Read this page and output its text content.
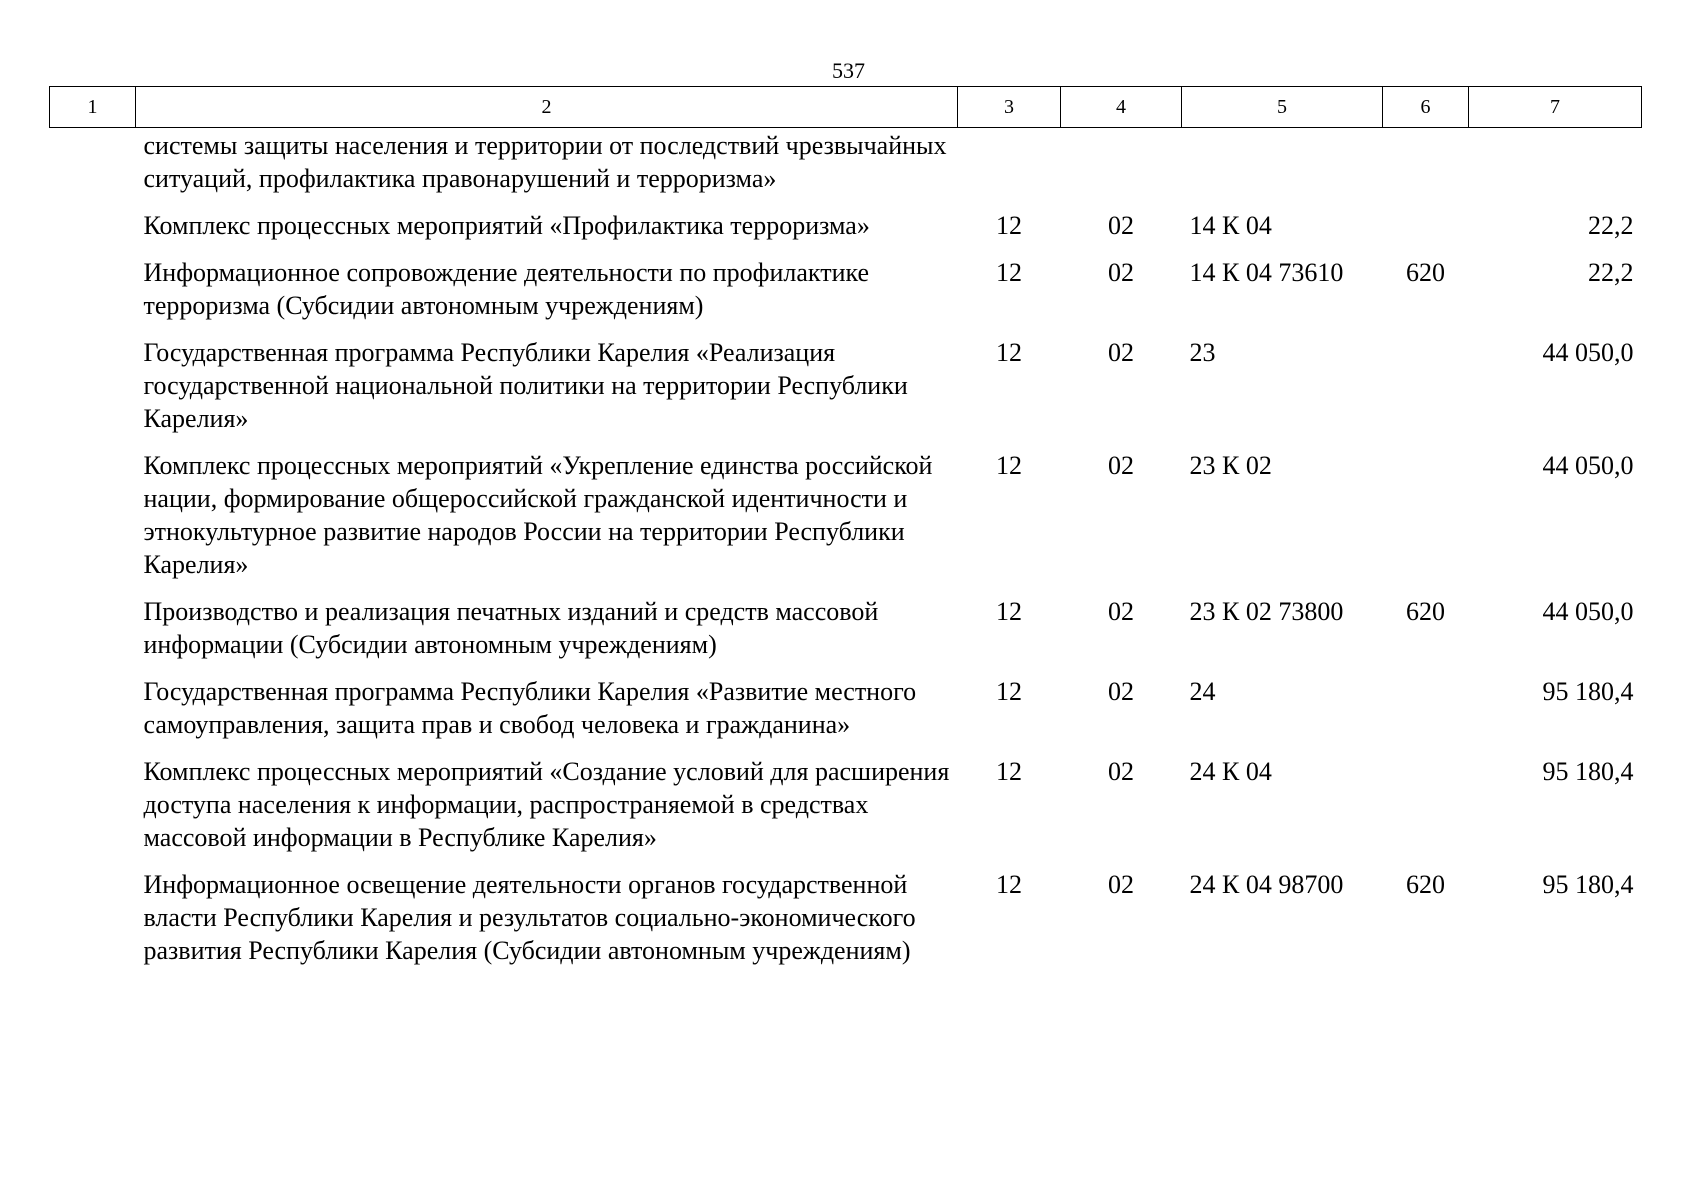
537
1	2	3	4	5	6	7
	системы защиты населения и территории от последствий чрезвычайных ситуаций, профилактика правонарушений и терроризма»					
	Комплекс процессных мероприятий «Профилактика терроризма»	12	02	14 К 04		22,2
	Информационное сопровождение деятельности по профилактике терроризма (Субсидии автономным учреждениям)	12	02	14 К 04 73610	620	22,2
	Государственная программа Республики Карелия «Реализация государственной национальной политики на территории Республики Карелия»	12	02	23		44 050,0
	Комплекс процессных мероприятий «Укрепление единства российской нации, формирование общероссийской гражданской идентичности и этнокультурное развитие народов России на территории Республики Карелия»	12	02	23 К 02		44 050,0
	Производство и реализация печатных изданий и средств массовой информации (Субсидии автономным учреждениям)	12	02	23 К 02 73800	620	44 050,0
	Государственная программа Республики Карелия «Развитие местного самоуправления, защита прав и свобод человека и гражданина»	12	02	24		95 180,4
	Комплекс процессных мероприятий «Создание условий для расширения доступа населения к информации, распространяемой в средствах массовой информации в Республике Карелия»	12	02	24 К 04		95 180,4
	Информационное освещение деятельности органов государственной власти Республики Карелия и результатов социально-экономического развития Республики Карелия (Субсидии автономным учреждениям)	12	02	24 К 04 98700	620	95 180,4
